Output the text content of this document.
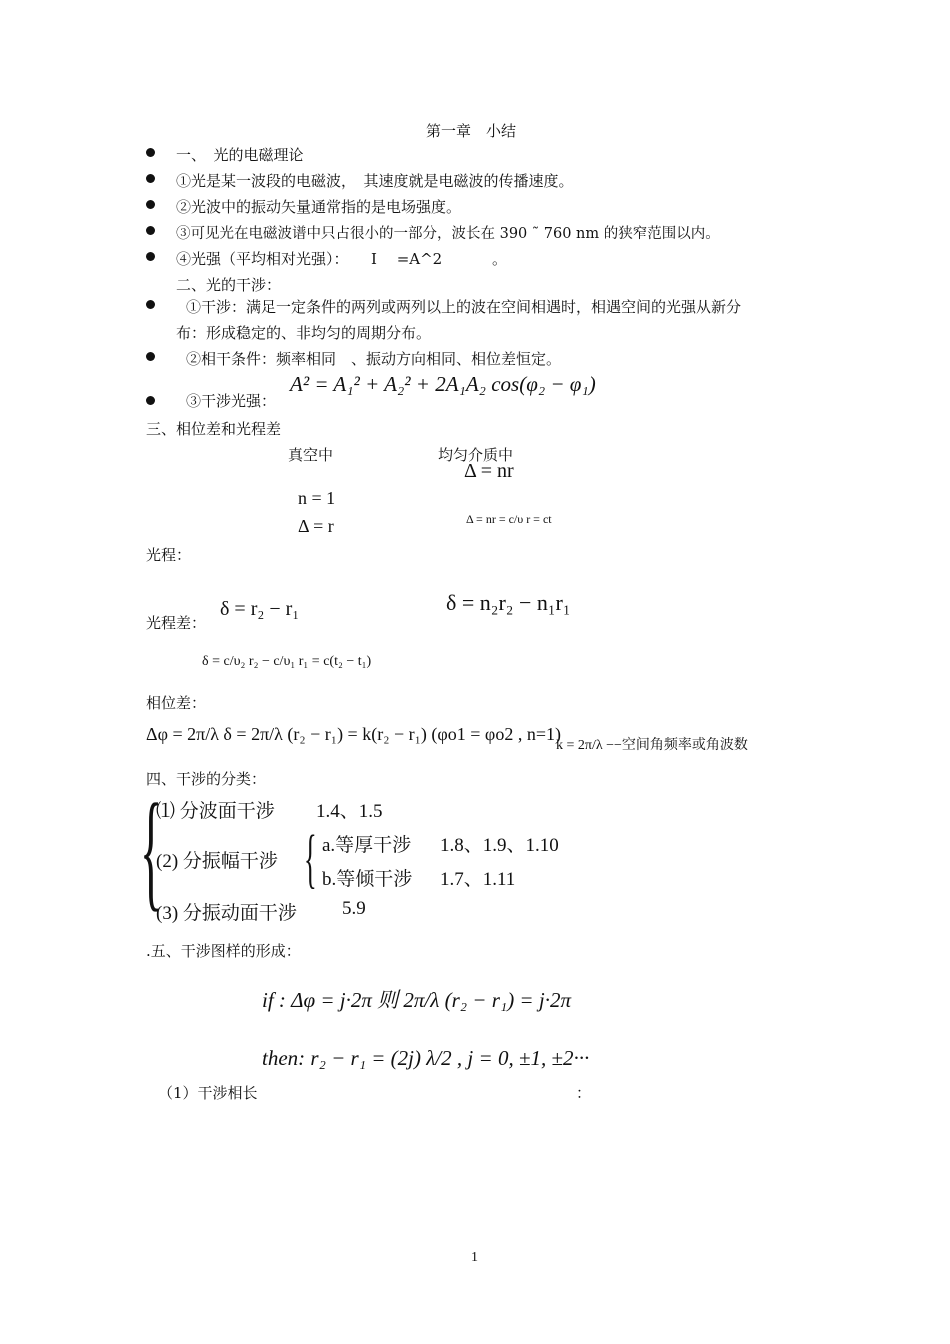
第一章　小结
一、　光的电磁理论
①光是某一波段的电磁波，　其速度就是电磁波的传播速度。
②光波中的振动矢量通常指的是电场强度。
③可见光在电磁波谱中只占很小的一部分，波长在 390 ˜ 760 nm 的狭窄范围以内。
④光强（平均相对光强）：　　I 　=A^2 　　　。
二、光的干涉：
①干涉：满足一定条件的两列或两列以上的波在空间相遇时，相遇空间的光强从新分
布：形成稳定的、非均匀的周期分布。
②相干条件：频率相同　、振动方向相同、相位差恒定。
③干涉光强：
A² = A₁² + A₂² + 2A₁A₂ cos(φ₂ − φ₁)
三、相位差和光程差
真空中	均匀介质中
Δ = nr
n = 1
Δ = r	Δ = nr = c/υ r = ct
光程：
光程差：
δ = r₂ − r₁	δ = n₂r₂ − n₁r₁
δ = c/υ₂ r₂ − c/υ₁ r₁ = c(t₂ − t₁)
相位差：
Δφ = 2π/λ δ = 2π/λ (r₂ − r₁) = k(r₂ − r₁) (φo1 = φo2 , n=1)
k = 2π/λ −−空间角频率或角波数
四、干涉的分类：
{
⑴ 分波面干涉 1.4、1.5
(2) 分振幅干涉 { a.等厚干涉 1.8、1.9、1.10
b.等倾干涉 1.7、1.11
(3) 分振动面干涉 5.9
.五、干涉图样的形成：
if : Δφ = j·2π 则 2π/λ (r₂ − r₁) = j·2π
then: r₂ − r₁ = (2j) λ/2 , j = 0, ±1, ±2···
（1）干涉相长	：
1
